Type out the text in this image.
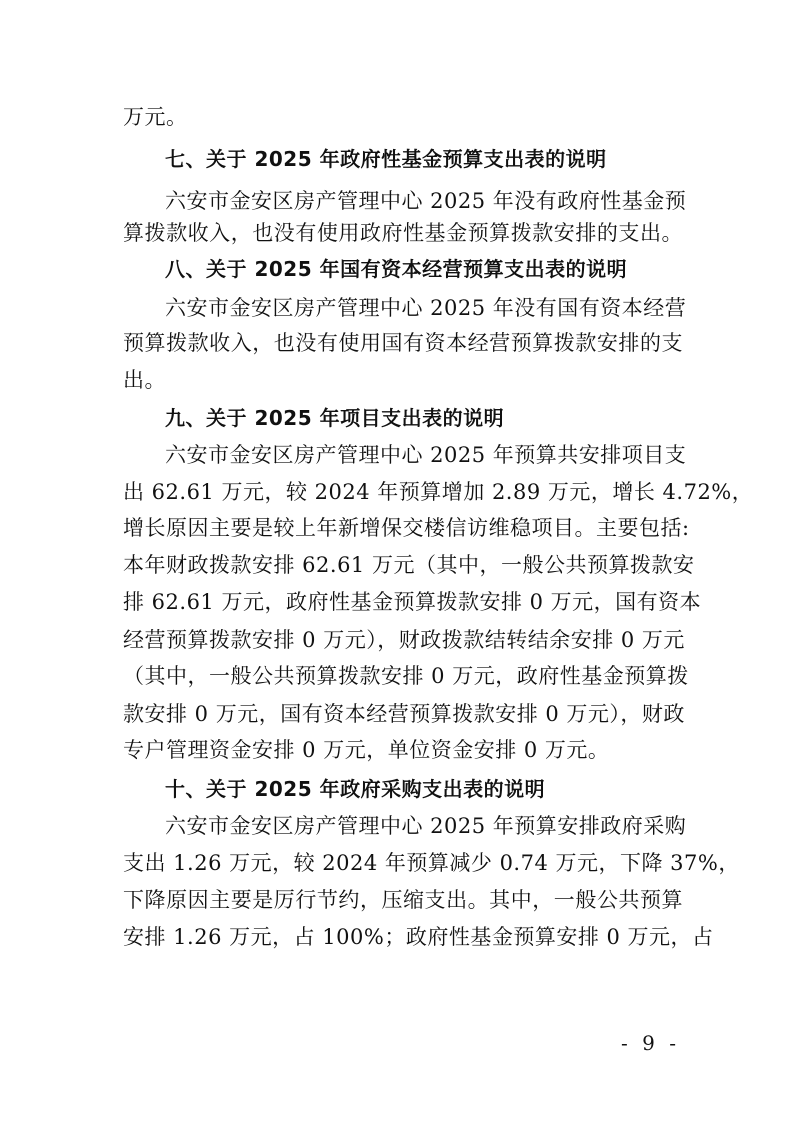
万元。
七、关于 2025 年政府性基金预算支出表的说明
六安市金安区房产管理中心 2025 年没有政府性基金预
算拨款收入，也没有使用政府性基金预算拨款安排的支出。
八、关于 2025 年国有资本经营预算支出表的说明
六安市金安区房产管理中心 2025 年没有国有资本经营
预算拨款收入，也没有使用国有资本经营预算拨款安排的支
出。
九、关于 2025 年项目支出表的说明
六安市金安区房产管理中心 2025 年预算共安排项目支
出 62.61 万元，较 2024 年预算增加 2.89 万元，增长 4.72%，
增长原因主要是较上年新增保交楼信访维稳项目。主要包括:
本年财政拨款安排 62.61 万元（其中，一般公共预算拨款安
排 62.61 万元，政府性基金预算拨款安排 0 万元，国有资本
经营预算拨款安排 0 万元），财政拨款结转结余安排 0 万元
（其中，一般公共预算拨款安排 0 万元，政府性基金预算拨
款安排 0 万元，国有资本经营预算拨款安排 0 万元），财政
专户管理资金安排 0 万元，单位资金安排 0 万元。
十、关于 2025 年政府采购支出表的说明
六安市金安区房产管理中心 2025 年预算安排政府采购
支出 1.26 万元，较 2024 年预算减少 0.74 万元，下降 37%，
下降原因主要是厉行节约，压缩支出。其中，一般公共预算
安排 1.26 万元，占 100%；政府性基金预算安排 0 万元，占
- 9 -
